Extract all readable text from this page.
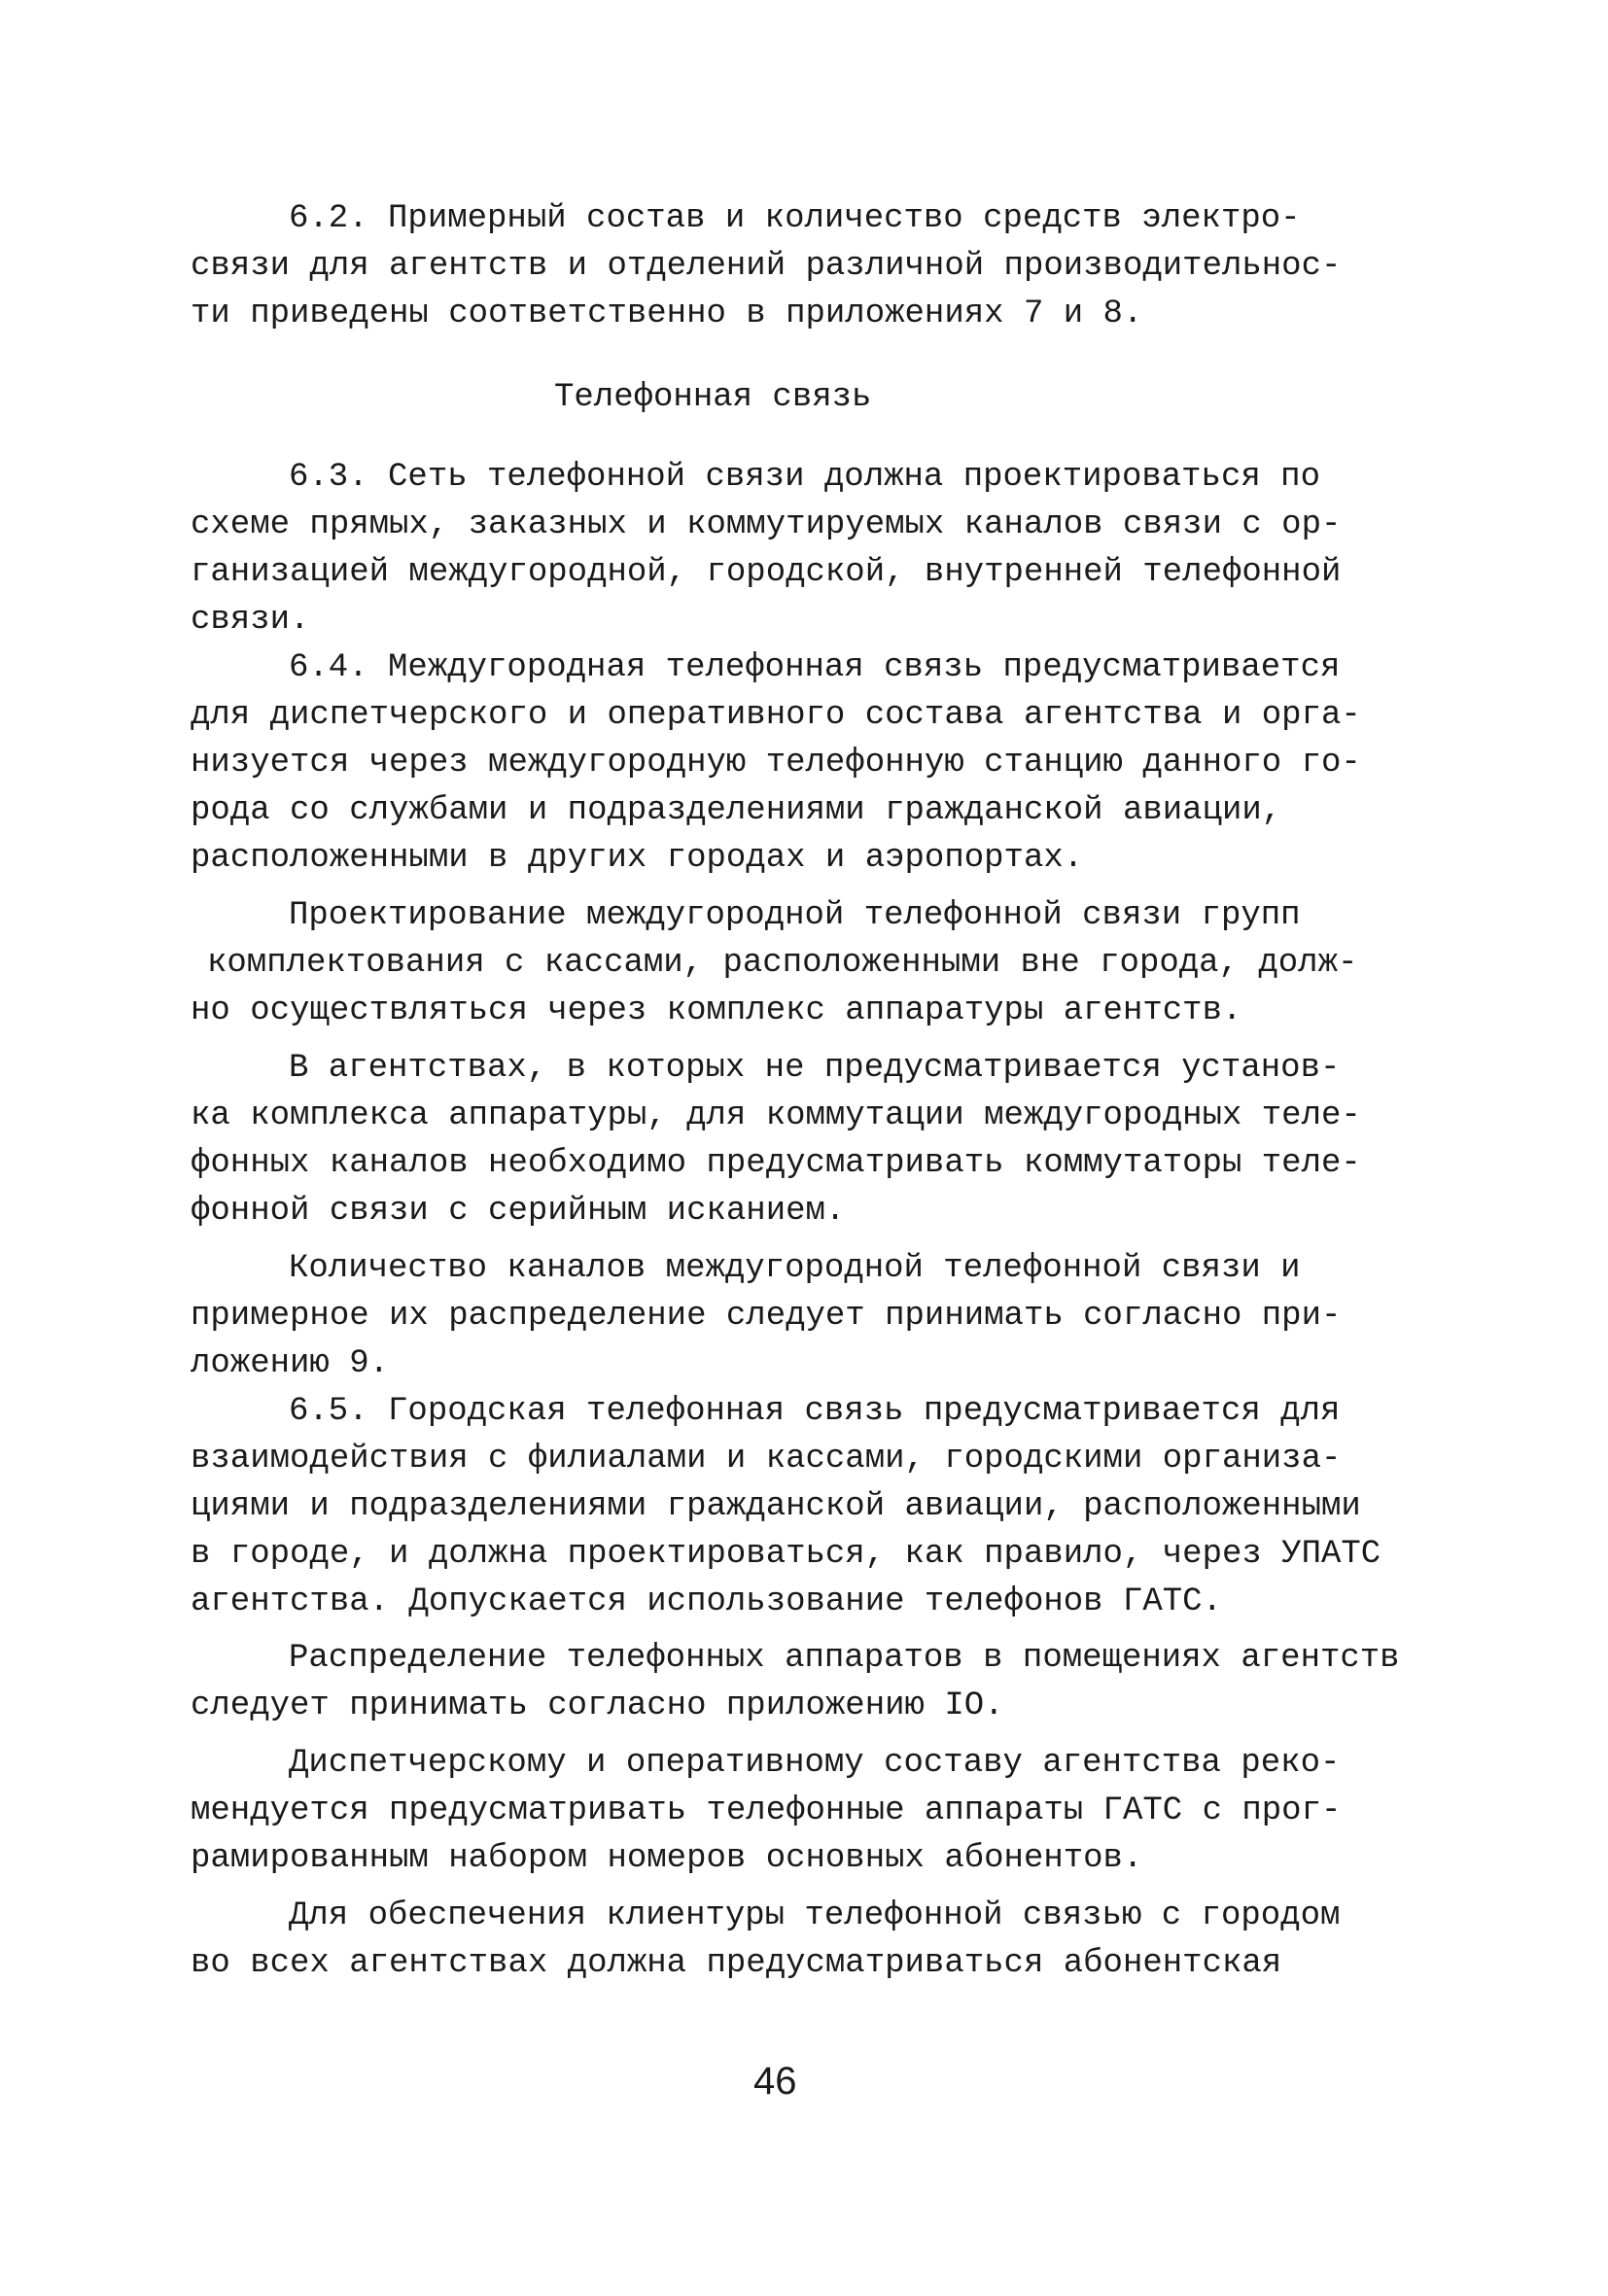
6.2. Примерный состав и количество средств электро-
связи для агентств и отделений различной производительнос-
ти приведены соответственно в приложениях 7 и 8.
Телефонная связь
6.3. Сеть телефонной связи должна проектироваться по
схеме прямых, заказных и коммутируемых каналов связи с ор-
ганизацией междугородной, городской, внутренней телефонной
связи.
6.4. Междугородная телефонная связь предусматривается
для диспетчерского и оперативного состава агентства и орга-
низуется через междугородную телефонную станцию данного го-
рода со службами и подразделениями гражданской авиации,
расположенными в других городах и аэропортах.
Проектирование междугородной телефонной связи групп
комплектования с кассами, расположенными вне города, долж-
но осуществляться через комплекс аппаратуры агентств.
В агентствах, в которых не предусматривается установ-
ка комплекса аппаратуры, для коммутации междугородных теле-
фонных каналов необходимо предусматривать коммутаторы теле-
фонной связи с серийным исканием.
Количество каналов междугородной телефонной связи и
примерное их распределение следует принимать согласно при-
ложению 9.
6.5. Городская телефонная связь предусматривается для
взаимодействия с филиалами и кассами, городскими организа-
циями и подразделениями гражданской авиации, расположенными
в городе, и должна проектироваться, как правило, через УПАТС
агентства. Допускается использование телефонов ГАТС.
Распределение телефонных аппаратов в помещениях агентств
следует принимать согласно приложению IO.
Диспетчерскому и оперативному составу агентства реко-
мендуется предусматривать телефонные аппараты ГАТС с прог-
рамированным набором номеров основных абонентов.
Для обеспечения клиентуры телефонной связью с городом
во всех агентствах должна предусматриваться абонентская
46
